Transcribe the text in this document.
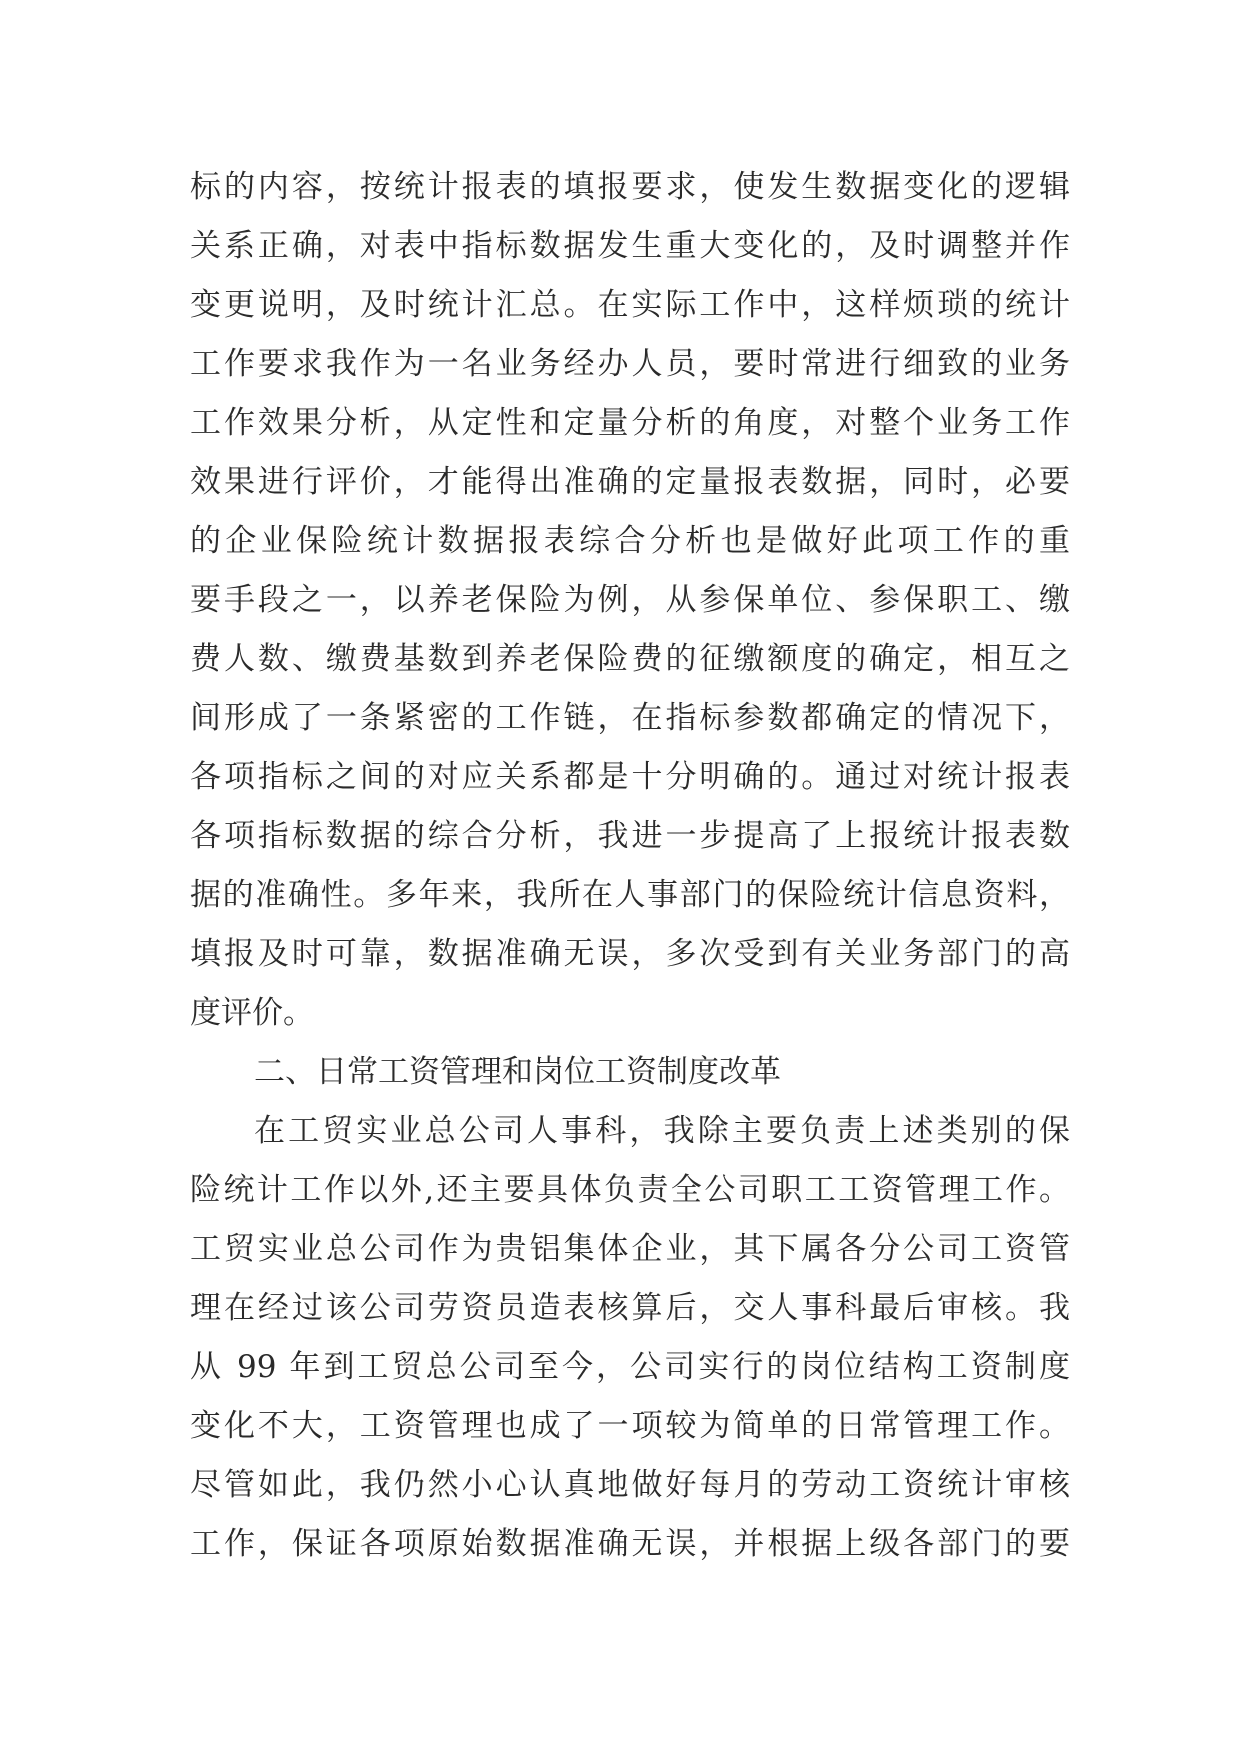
标的内容，按统计报表的填报要求，使发生数据变化的逻辑
关系正确，对表中指标数据发生重大变化的，及时调整并作
变更说明，及时统计汇总。在实际工作中，这样烦琐的统计
工作要求我作为一名业务经办人员，要时常进行细致的业务
工作效果分析，从定性和定量分析的角度，对整个业务工作
效果进行评价，才能得出准确的定量报表数据，同时，必要
的企业保险统计数据报表综合分析也是做好此项工作的重
要手段之一，以养老保险为例，从参保单位、参保职工、缴
费人数、缴费基数到养老保险费的征缴额度的确定，相互之
间形成了一条紧密的工作链，在指标参数都确定的情况下，
各项指标之间的对应关系都是十分明确的。通过对统计报表
各项指标数据的综合分析，我进一步提高了上报统计报表数
据的准确性。多年来，我所在人事部门的保险统计信息资料，
填报及时可靠，数据准确无误，多次受到有关业务部门的高
度评价。
二、日常工资管理和岗位工资制度改革
在工贸实业总公司人事科，我除主要负责上述类别的保
险统计工作以外,还主要具体负责全公司职工工资管理工作。
工贸实业总公司作为贵铝集体企业，其下属各分公司工资管
理在经过该公司劳资员造表核算后，交人事科最后审核。我
从 99 年到工贸总公司至今，公司实行的岗位结构工资制度
变化不大，工资管理也成了一项较为简单的日常管理工作。
尽管如此，我仍然小心认真地做好每月的劳动工资统计审核
工作，保证各项原始数据准确无误，并根据上级各部门的要
